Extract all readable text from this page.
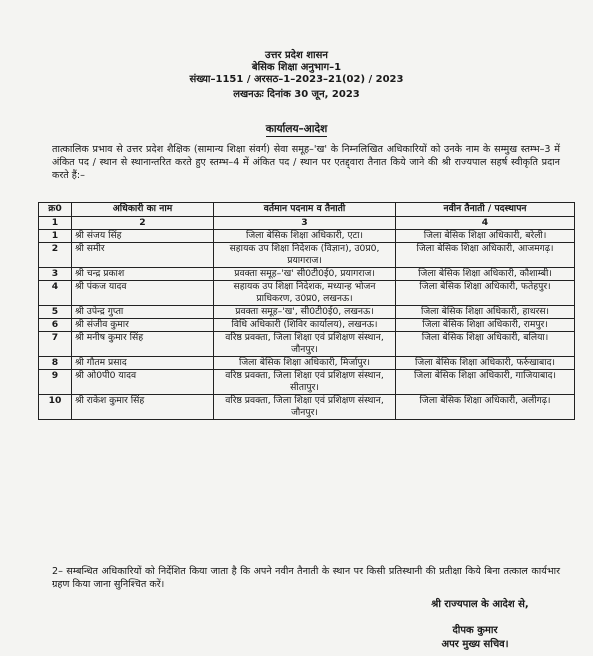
उत्तर प्रदेश शासन
बेसिक शिक्षा अनुभाग–1
संख्या–1151 / अरसठ–1–2023–21(02) / 2023
लखनऊः दिनांक 30 जून, 2023
कार्यालय–आदेश
तात्कालिक प्रभाव से उत्तर प्रदेश शैक्षिक (सामान्य शिक्षा संवर्ग) सेवा समूह–'ख' के निम्नलिखित अधिकारियों को उनके नाम के सम्मुख स्तम्भ–3 में अंकित पद / स्थान से स्थानान्तरित करते हुए स्तम्भ–4 में अंकित पद / स्थान पर एतद्द्वारा तैनात किये जाने की श्री राज्यपाल सहर्ष स्वीकृति प्रदान करते हैं:–
क्र0	अधिकारी का नाम	वर्तमान पदनाम व तैनाती	नवीन तैनाती / पदस्थापन
1	2	3	4
1	श्री संजय सिंह	जिला बेसिक शिक्षा अधिकारी, एटा।	जिला बेसिक शिक्षा अधिकारी, बरेली।
2	श्री समीर	सहायक उप शिक्षा निदेशक (विज्ञान), उ0प्र0, प्रयागराज।	जिला बेसिक शिक्षा अधिकारी, आजमगढ़।
3	श्री चन्द्र प्रकाश	प्रवक्ता समूह–'ख' सी0टी0ई0, प्रयागराज।	जिला बेसिक शिक्षा अधिकारी, कौशाम्बी।
4	श्री पंकज यादव	सहायक उप शिक्षा निदेशक, मध्यान्ह भोजन प्राधिकरण, उ0प्र0, लखनऊ।	जिला बेसिक शिक्षा अधिकारी, फतेहपुर।
5	श्री उपेन्द्र गुप्ता	प्रवक्ता समूह–'ख', सी0टी0ई0, लखनऊ।	जिला बेसिक शिक्षा अधिकारी, हाथरस।
6	श्री संजीव कुमार	विधि अधिकारी (शिविर कार्यालय), लखनऊ।	जिला बेसिक शिक्षा अधिकारी, रामपुर।
7	श्री मनीष कुमार सिंह	वरिष्ठ प्रवक्ता, जिला शिक्षा एवं प्रशिक्षण संस्थान, जौनपुर।	जिला बेसिक शिक्षा अधिकारी, बलिया।
8	श्री गौतम प्रसाद	जिला बेसिक शिक्षा अधिकारी, मिर्जापुर।	जिला बेसिक शिक्षा अधिकारी, फर्रुखाबाद।
9	श्री ओ0पी0 यादव	वरिष्ठ प्रवक्ता, जिला शिक्षा एवं प्रशिक्षण संस्थान, सीतापुर।	जिला बेसिक शिक्षा अधिकारी, गाजियाबाद।
10	श्री राकेश कुमार सिंह	वरिष्ठ प्रवक्ता, जिला शिक्षा एवं प्रशिक्षण संस्थान, जौनपुर।	जिला बेसिक शिक्षा अधिकारी, अलीगढ़।
2– सम्बन्धित अधिकारियों को निर्देशित किया जाता है कि अपने नवीन तैनाती के स्थान पर किसी प्रतिस्थानी की प्रतीक्षा किये बिना तत्काल कार्यभार ग्रहण किया जाना सुनिश्चित करें।
श्री राज्यपाल के आदेश से,
दीपक कुमार
अपर मुख्य सचिव।
